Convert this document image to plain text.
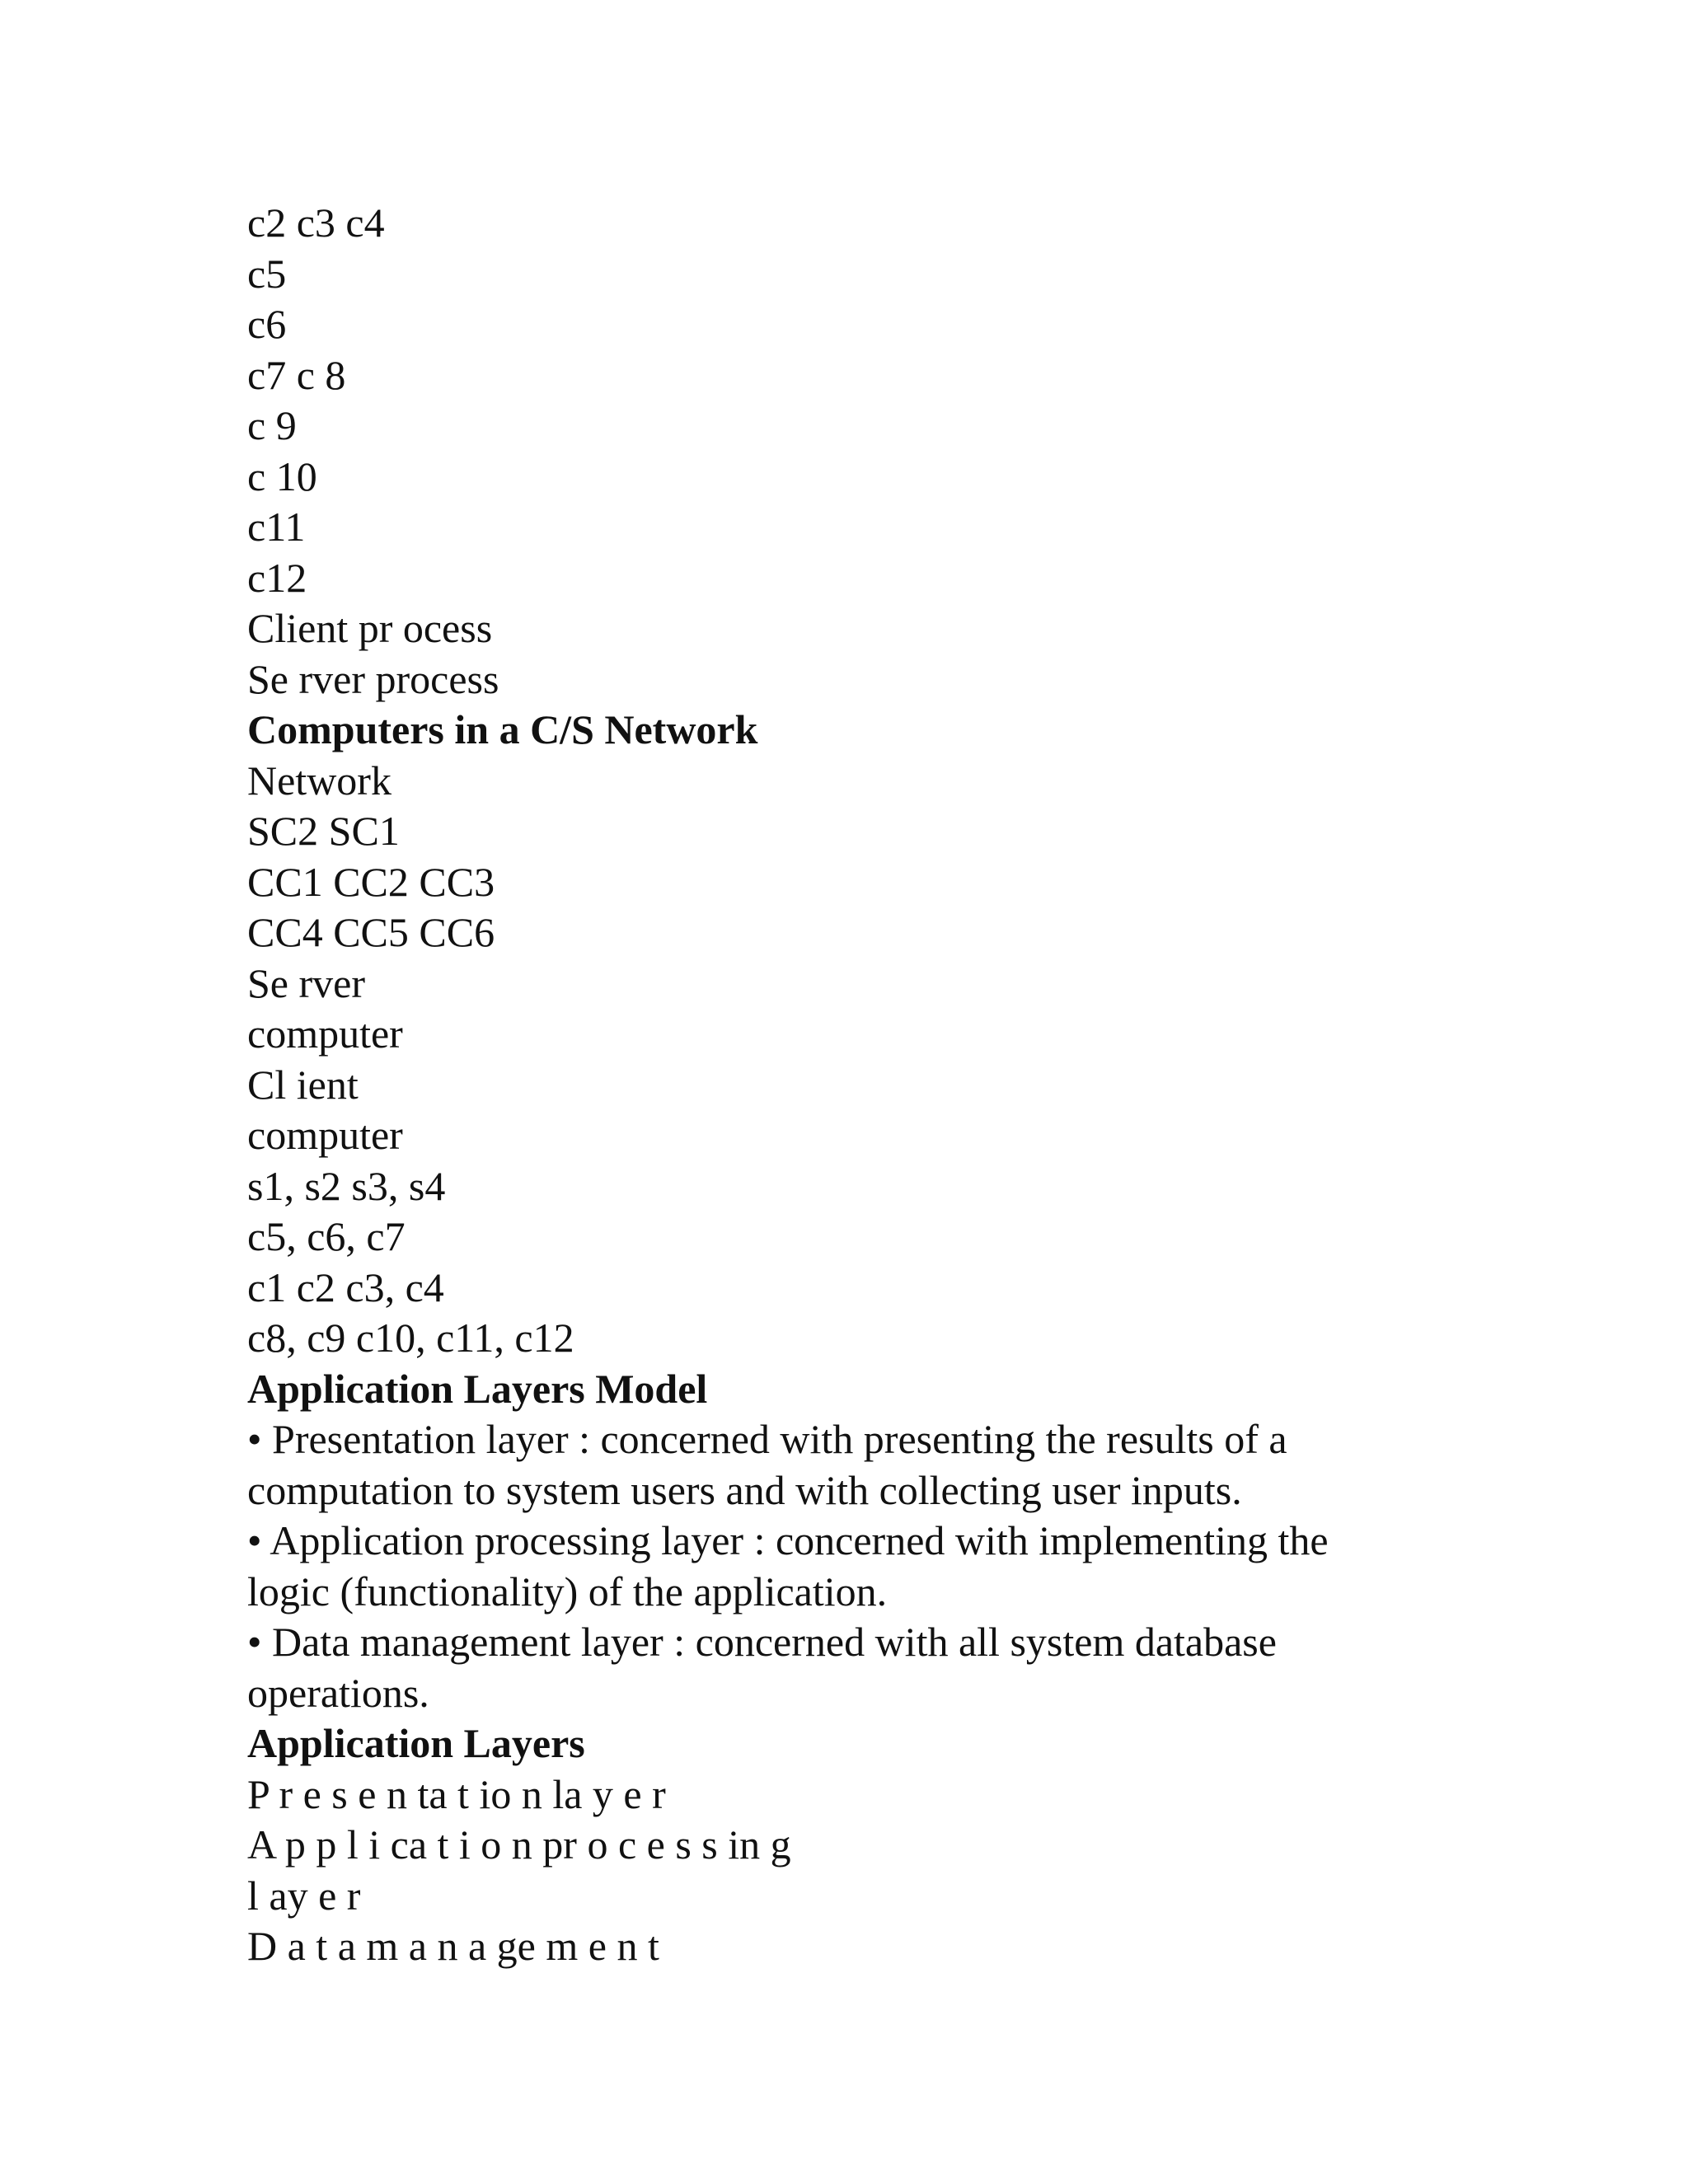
c2 c3 c4
c5
c6
c7 c 8
c 9
c 10
c11
c12
Client pr ocess
Se rver process
Computers in a C/S Network
Network
SC2 SC1
CC1 CC2 CC3
CC4 CC5 CC6
Se rver
computer
Cl ient
computer
s1, s2 s3, s4
c5, c6, c7
c1 c2 c3, c4
c8, c9 c10, c11, c12
Application Layers Model
• Presentation layer : concerned with presenting the results of a computation to system users and with collecting user inputs.
• Application processing layer : concerned with implementing the logic (functionality) of the application.
• Data management layer : concerned with all system database operations.
Application Layers
P r e s e n ta t io n la y e r
A p p l i ca t i o n pr o c e s s in g
l ay e r
D a t a m a n a ge m e n t
